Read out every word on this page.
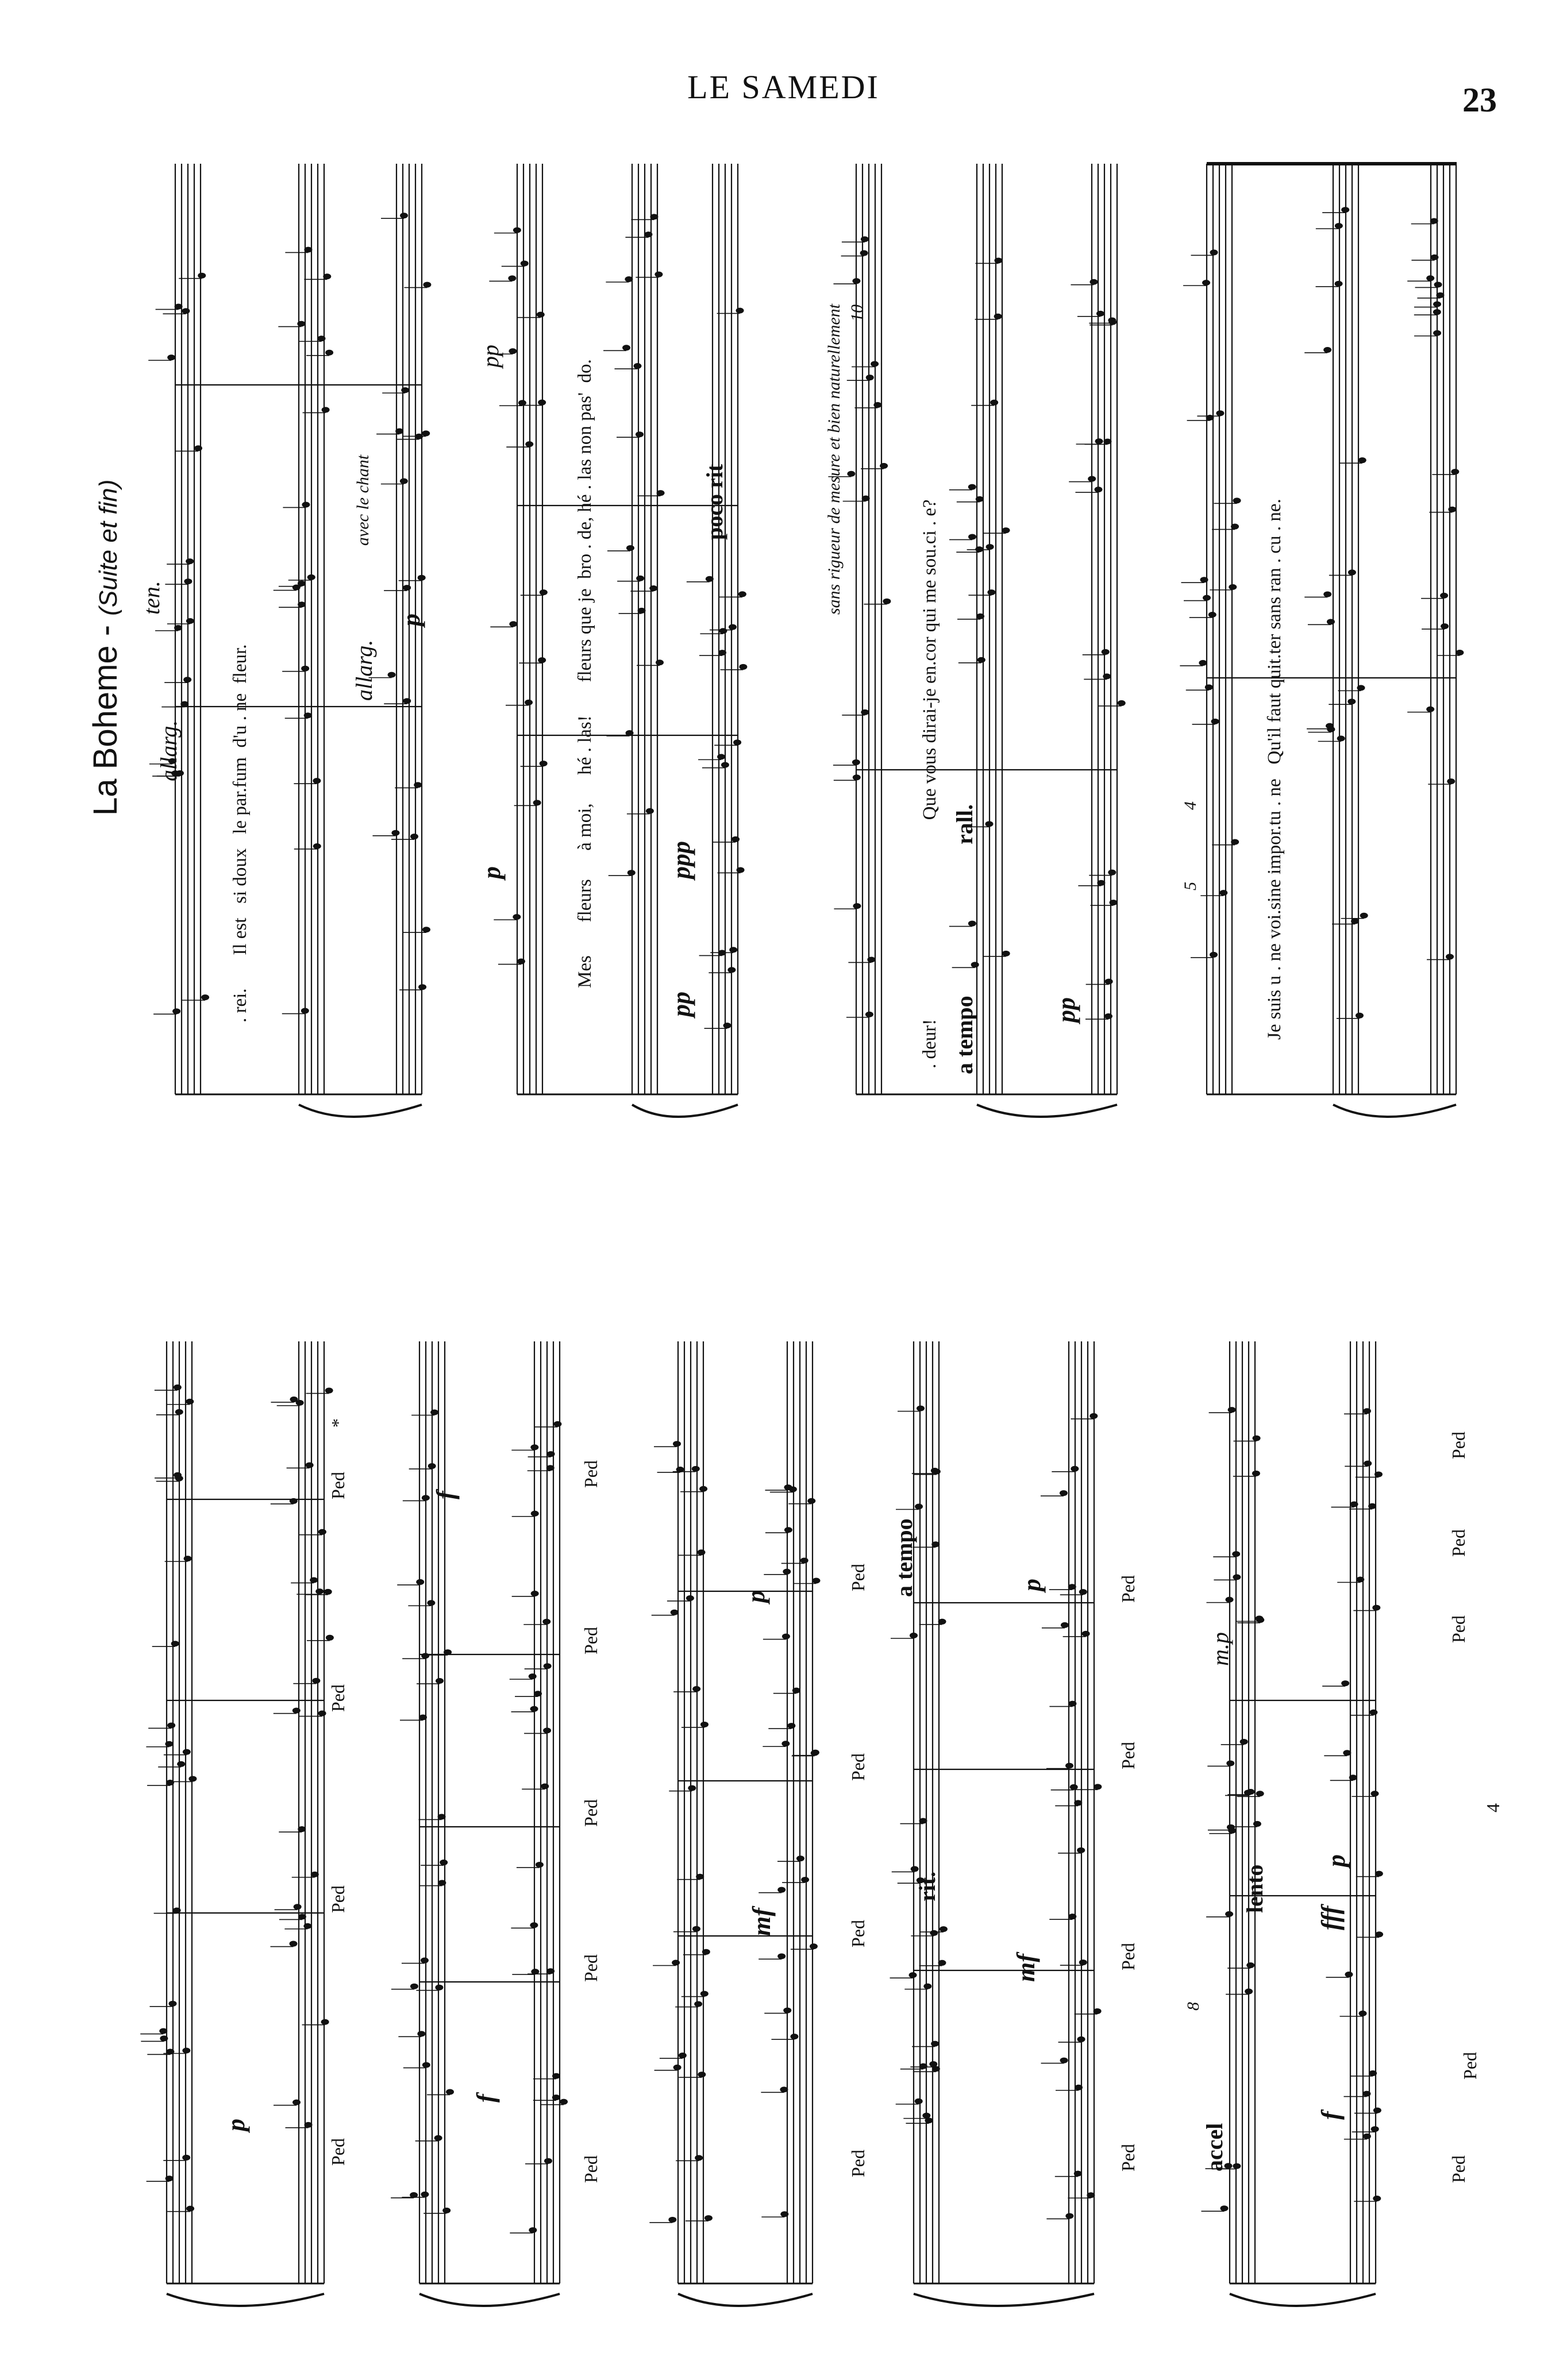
LE SAMEDI	23
La Boheme - (Suite et fin)
. rei.       Il est   si doux   le par.fum  d'u . ne  fleur.
allarg.
ten.
allarg.
avec le chant
p
Mes       fleurs      à moi,      hé . las!       fleurs que je  bro . de, hé . las non pas'  do.
p
pp
pp
ppp
poco rit	sans rigueur de mesure et bien naturellement 10
. deur!                                          Que vous dirai-je en.cor qui me sou.ci . e?
a tempo
rall.
pp
5
4	Je suis u . ne voi.sine impor.tu . ne   Qu'il faut quit.ter sans ran . cu . ne.
p
Ped
Ped
Ped
Ped
*
f
f
Ped
Ped
Ped
Ped
Ped
mf
p
Ped
Ped
Ped
Ped a tempo
rit.
mf
p
Ped
Ped
Ped
Ped
accel
8
lento
fff
f
p
m.p
Ped
Ped
Ped
Ped
Ped
4
